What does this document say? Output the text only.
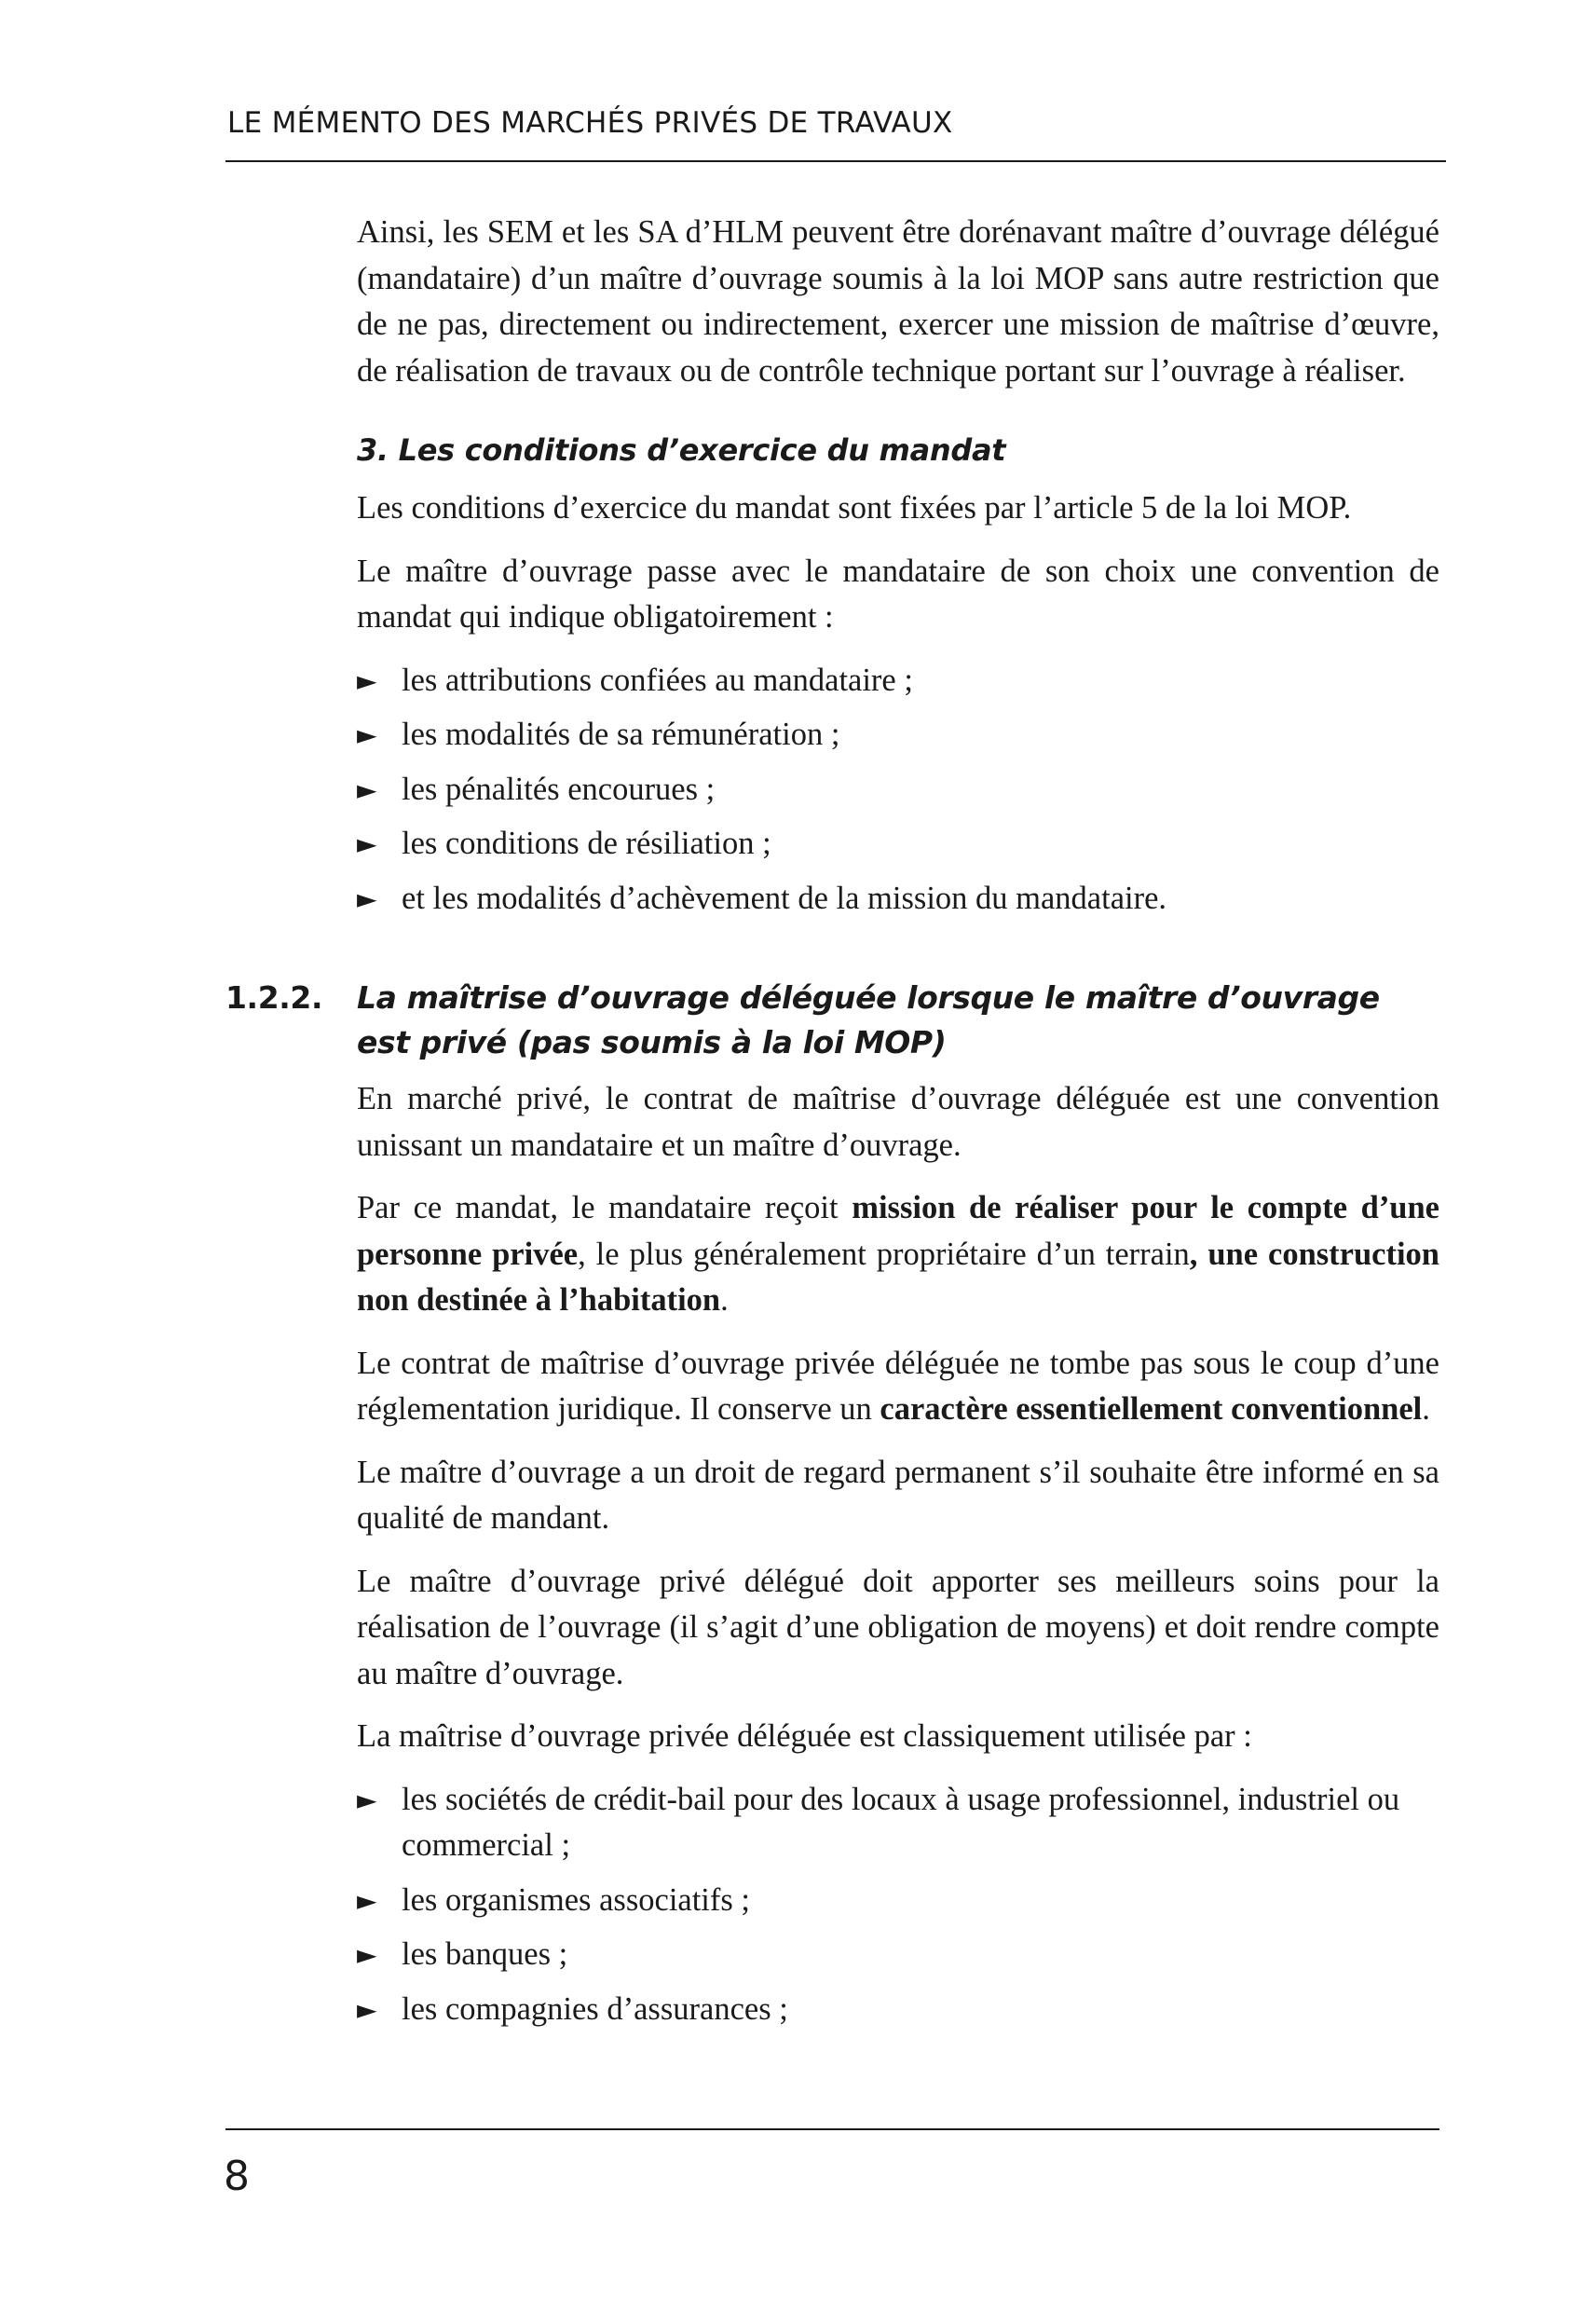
LE MÉMENTO DES MARCHÉS PRIVÉS DE TRAVAUX

Ainsi, les SEM et les SA d’HLM peuvent être dorénavant maître d’ouvrage délégué (mandataire) d’un maître d’ouvrage soumis à la loi MOP sans autre restriction que de ne pas, directement ou indirectement, exercer une mission de maîtrise d’œuvre, de réalisation de travaux ou de contrôle technique portant sur l’ouvrage à réaliser.

3. Les conditions d’exercice du mandat

Les conditions d’exercice du mandat sont fixées par l’article 5 de la loi MOP.

Le maître d’ouvrage passe avec le mandataire de son choix une convention de mandat qui indique obligatoirement :

► les attributions confiées au mandataire ;
► les modalités de sa rémunération ;
► les pénalités encourues ;
► les conditions de résiliation ;
► et les modalités d’achèvement de la mission du mandataire.
1.2.2. La maîtrise d’ouvrage déléguée lorsque le maître d’ouvrage est privé (pas soumis à la loi MOP)

En marché privé, le contrat de maîtrise d’ouvrage déléguée est une convention unissant un mandataire et un maître d’ouvrage.

Par ce mandat, le mandataire reçoit mission de réaliser pour le compte d’une personne privée, le plus généralement propriétaire d’un terrain, une construction non destinée à l’habitation.

Le contrat de maîtrise d’ouvrage privée déléguée ne tombe pas sous le coup d’une réglementation juridique. Il conserve un caractère essentiellement conventionnel.

Le maître d’ouvrage a un droit de regard permanent s’il souhaite être informé en sa qualité de mandant.

Le maître d’ouvrage privé délégué doit apporter ses meilleurs soins pour la réalisation de l’ouvrage (il s’agit d’une obligation de moyens) et doit rendre compte au maître d’ouvrage.

La maîtrise d’ouvrage privée déléguée est classiquement utilisée par :

► les sociétés de crédit-bail pour des locaux à usage professionnel, industriel ou commercial ;
► les organismes associatifs ;
► les banques ;
► les compagnies d’assurances ;
8
